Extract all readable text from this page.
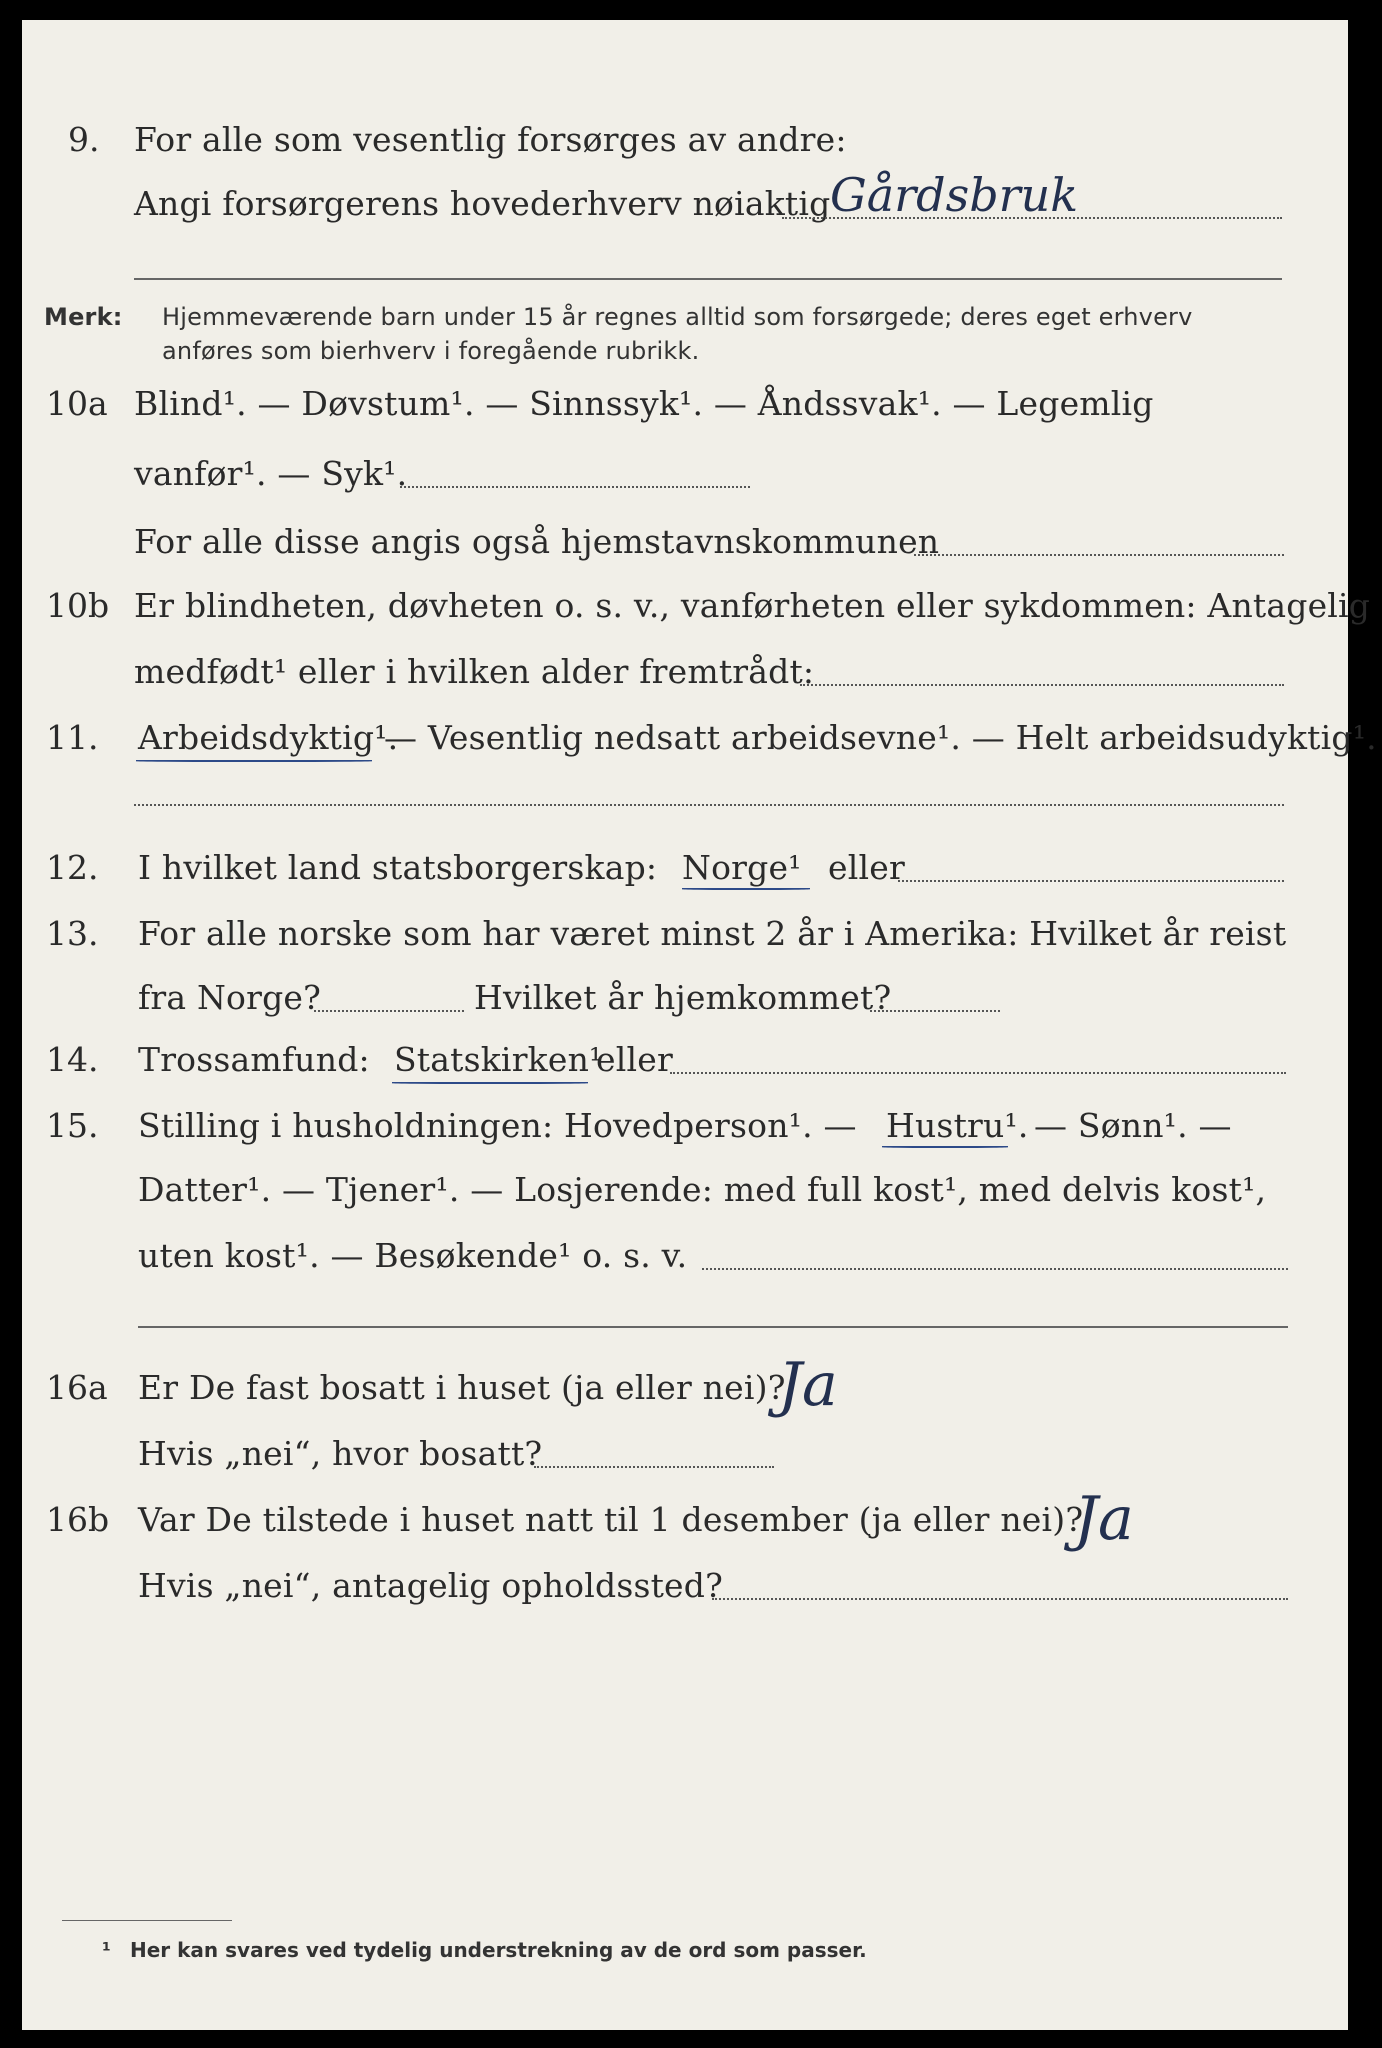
9. For alle som vesentlig forsørges av andre:
Angi forsørgerens hovederhverv nøiaktig Gårdsbruk
Merk: Hjemmeværende barn under 15 år regnes alltid som forsørgede; deres eget erhverv
anføres som bierhverv i foregående rubrikk.
10a Blind¹. — Døvstum¹. — Sinnssyk¹. — Åndssvak¹. — Legemlig
vanfør¹. — Syk¹.
For alle disse angis også hjemstavnskommunen
10b Er blindheten, døvheten o. s. v., vanførheten eller sykdommen: Antagelig
medfødt¹ eller i hvilken alder fremtrådt:
11. Arbeidsdyktig¹.
— Vesentlig nedsatt arbeidsevne¹. — Helt arbeidsudyktig¹.
12. I hvilket land statsborgerskap: Norge¹ eller
13. For alle norske som har været minst 2 år i Amerika: Hvilket år reist
fra Norge?	Hvilket år hjemkommet?
14. Trossamfund: Statskirken¹
eller
15. Stilling i husholdningen: Hovedperson¹. — Hustru¹. — Sønn¹. —
Datter¹. — Tjener¹. — Losjerende: med full kost¹, med delvis kost¹,
uten kost¹. — Besøkende¹ o. s. v.
16a Er De fast bosatt i huset (ja eller nei)?
Ja
Hvis „nei“, hvor bosatt?
16b Var De tilstede i huset natt til 1 desember (ja eller nei)?
Ja
Hvis „nei“, antagelig opholdssted?
¹ Her kan svares ved tydelig understrekning av de ord som passer.
